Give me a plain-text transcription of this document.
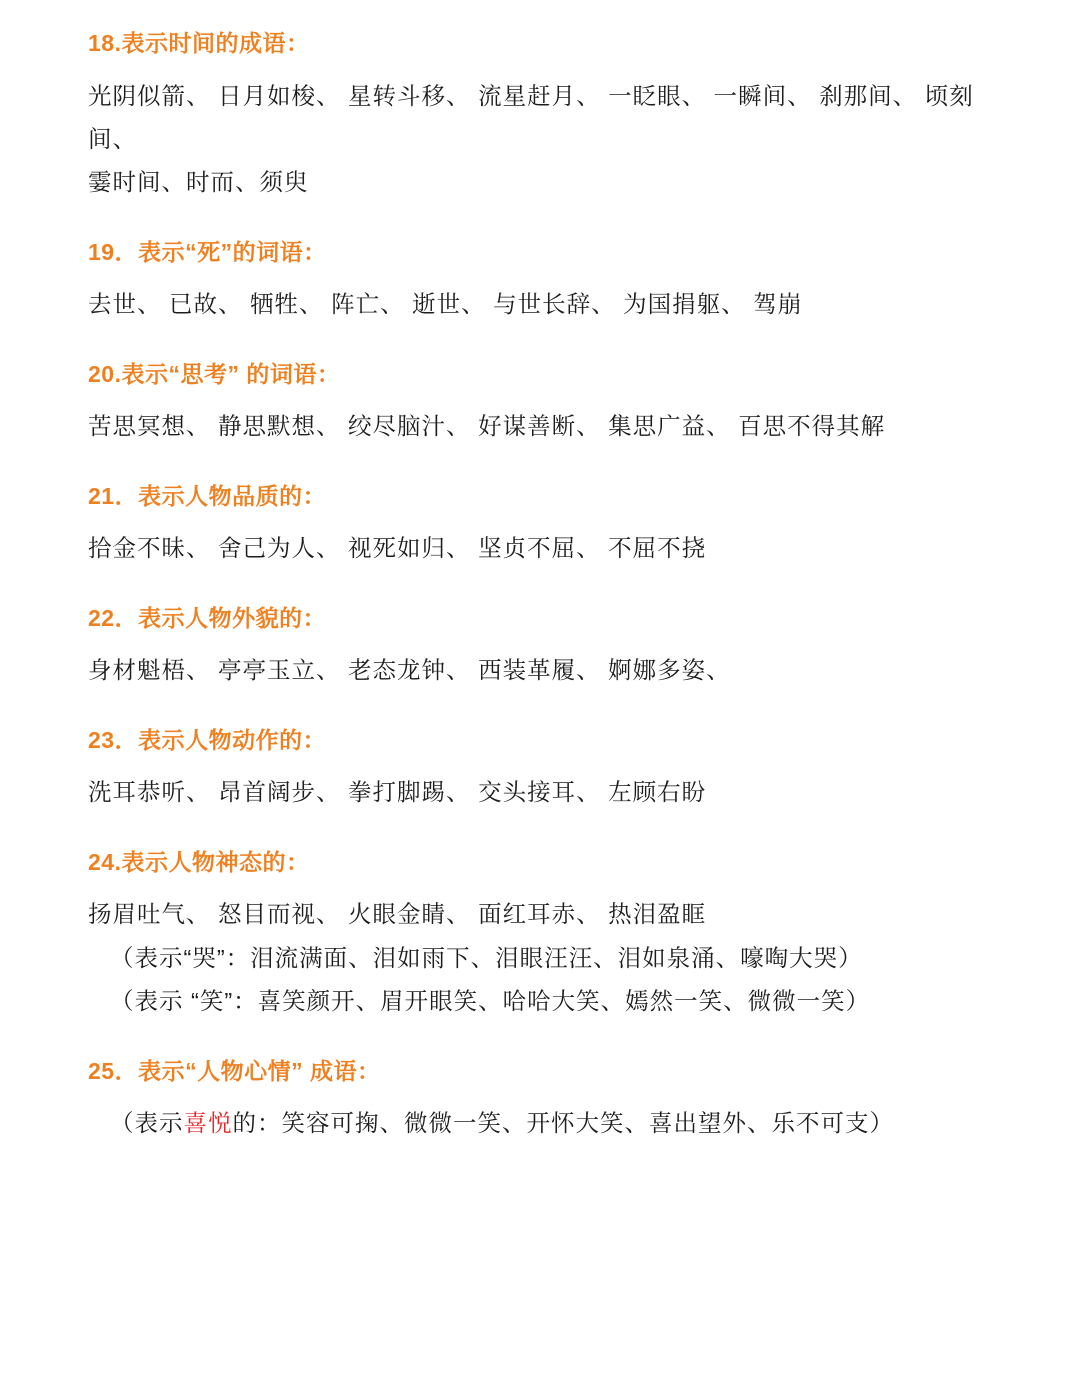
18.表示时间的成语：
光阴似箭、 日月如梭、 星转斗移、 流星赶月、 一眨眼、 一瞬间、 刹那间、 顷刻间、
霎时间、时而、须臾
19．表示“死”的词语：
去世、 已故、 牺牲、 阵亡、 逝世、 与世长辞、 为国捐躯、 驾崩
20.表示“思考” 的词语：
苦思冥想、 静思默想、 绞尽脑汁、 好谋善断、 集思广益、 百思不得其解
21．表示人物品质的：
拾金不昧、 舍己为人、 视死如归、 坚贞不屈、 不屈不挠
22．表示人物外貌的：
身材魁梧、 亭亭玉立、 老态龙钟、 西装革履、 婀娜多姿、
23．表示人物动作的：
洗耳恭听、 昂首阔步、 拳打脚踢、 交头接耳、 左顾右盼
24.表示人物神态的：
扬眉吐气、 怒目而视、 火眼金睛、 面红耳赤、 热泪盈眶
（表示“哭”：泪流满面、泪如雨下、泪眼汪汪、泪如泉涌、嚎啕大哭）
（表示 “笑”：喜笑颜开、眉开眼笑、哈哈大笑、嫣然一笑、微微一笑）
25．表示“人物心情” 成语：
（表示喜悦的：笑容可掬、微微一笑、开怀大笑、喜出望外、乐不可支）
